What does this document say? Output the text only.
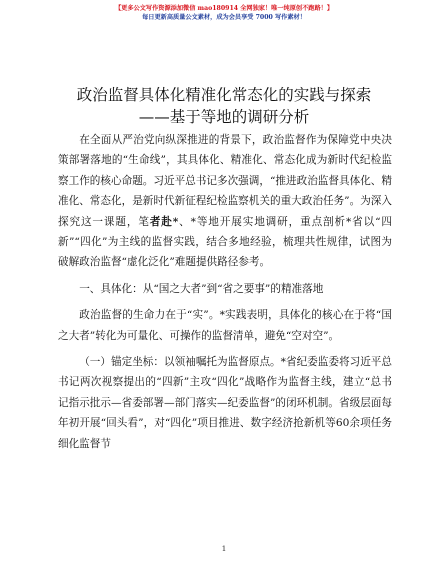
【更多公文写作资源添加微信 mao180914 全网独家！唯一纯原创不跑路！】
每日更新高质量公文素材，成为会员享受 7000 写作素材！
政治监督具体化精准化常态化的实践与探索
——基于等地的调研分析

在全面从严治党向纵深推进的背景下，政治监督作为保障党中央决策部署落地的“生命线”，其具体化、精准化、常态化成为新时代纪检监察工作的核心命题。习近平总书记多次强调，“推进政治监督具体化、精准化、常态化，是新时代新征程纪检监察机关的重大政治任务”。为深入探究这一课题，笔者赴*、*等地开展实地调研，重点剖析*省以“四新”“四化”为主线的监督实践，结合多地经验，梳理共性规律，试图为破解政治监督“虚化泛化”难题提供路径参考。

一、具体化：从“国之大者”到“省之要事”的精准落地

政治监督的生命力在于“实”。*实践表明，具体化的核心在于将“国之大者”转化为可量化、可操作的监督清单，避免“空对空”。

（一）锚定坐标：以领袖嘱托为监督原点。*省纪委监委将习近平总书记两次视察提出的“四新”主攻“四化”战略作为监督主线，建立“总书记指示批示—省委部署—部门落实—纪委监督”的闭环机制。省级层面每年初开展“回头看”，对“四化”项目推进、数字经济抢新机等60余项任务细化监督节

1
